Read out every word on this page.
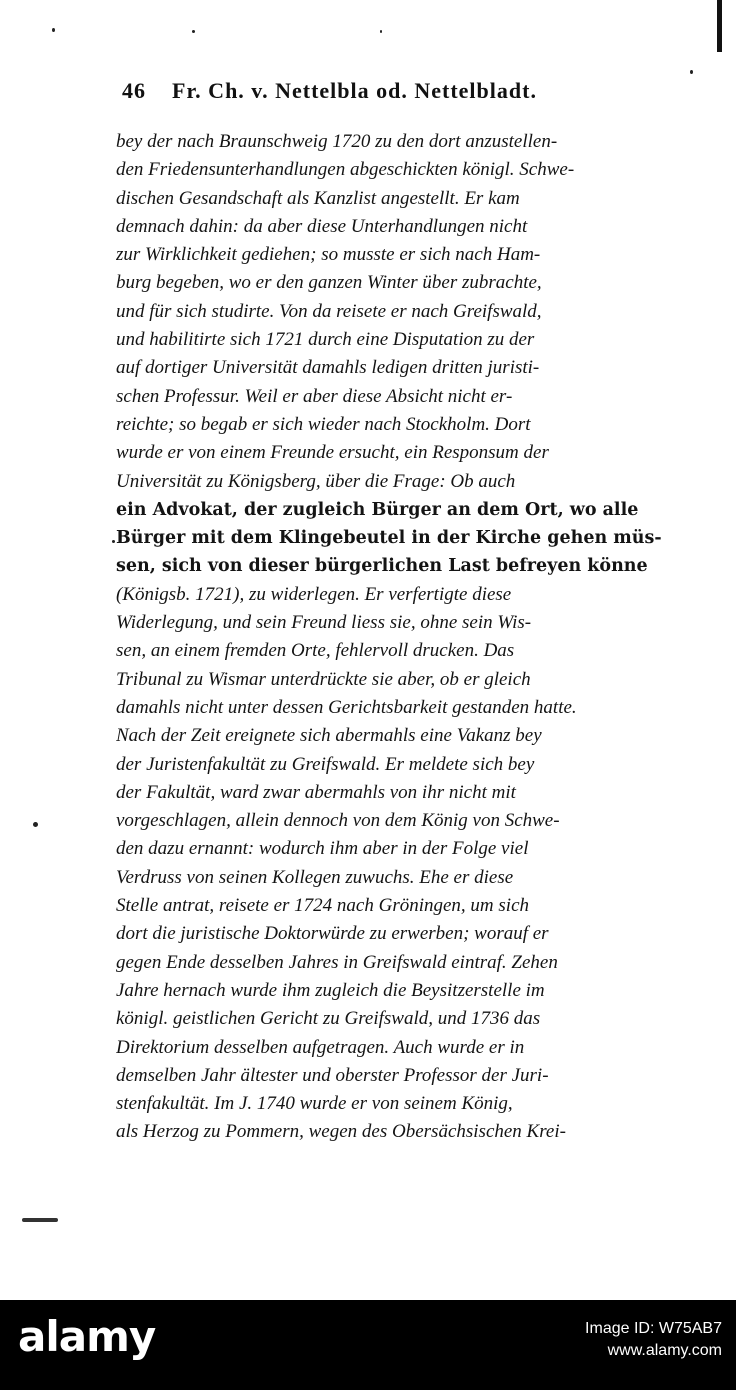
46 Fr. Ch. v. Nettelbla od. Nettelbladt.
bey der nach Braunschweig 1720 zu den dort anzustellen-
den Friedensunterhandlungen abgeschickten königl. Schwe-
dischen Gesandschaft als Kanzlist angestellt. Er kam
demnach dahin: da aber diese Unterhandlungen nicht
zur Wirklichkeit gediehen; so musste er sich nach Ham-
burg begeben, wo er den ganzen Winter über zubrachte,
und für sich studirte. Von da reisete er nach Greifswald,
und habilitirte sich 1721 durch eine Disputation zu der
auf dortiger Universität damahls ledigen dritten juristi-
schen Professur. Weil er aber diese Absicht nicht er-
reichte; so begab er sich wieder nach Stockholm. Dort
wurde er von einem Freunde ersucht, ein Responsum der
Universität zu Königsberg, über die Frage: Ob auch
ein Advokat, der zugleich Bürger an dem Ort, wo alle
Bürger mit dem Klingebeutel in der Kirche gehen müs-
sen, sich von dieser bürgerlichen Last befreyen könne
(Königsb. 1721), zu widerlegen. Er verfertigte diese
Widerlegung, und sein Freund liess sie, ohne sein Wis-
sen, an einem fremden Orte, fehlervoll drucken. Das
Tribunal zu Wismar unterdrückte sie aber, ob er gleich
damahls nicht unter dessen Gerichtsbarkeit gestanden hatte.
Nach der Zeit ereignete sich abermahls eine Vakanz bey
der Juristenfakultät zu Greifswald. Er meldete sich bey
der Fakultät, ward zwar abermahls von ihr nicht mit
vorgeschlagen, allein dennoch von dem König von Schwe-
den dazu ernannt: wodurch ihm aber in der Folge viel
Verdruss von seinen Kollegen zuwuchs. Ehe er diese
Stelle antrat, reisete er 1724 nach Gröningen, um sich
dort die juristische Doktorwürde zu erwerben; worauf er
gegen Ende desselben Jahres in Greifswald eintraf. Zehen
Jahre hernach wurde ihm zugleich die Beysitzerstelle im
königl. geistlichen Gericht zu Greifswald, und 1736 das
Direktorium desselben aufgetragen. Auch wurde er in
demselben Jahr ältester und oberster Professor der Juri-
stenfakultät. Im J. 1740 wurde er von seinem König,
als Herzog zu Pommern, wegen des Obersächsischen Krei-
alamy	Image ID: W75AB7
www.alamy.com
